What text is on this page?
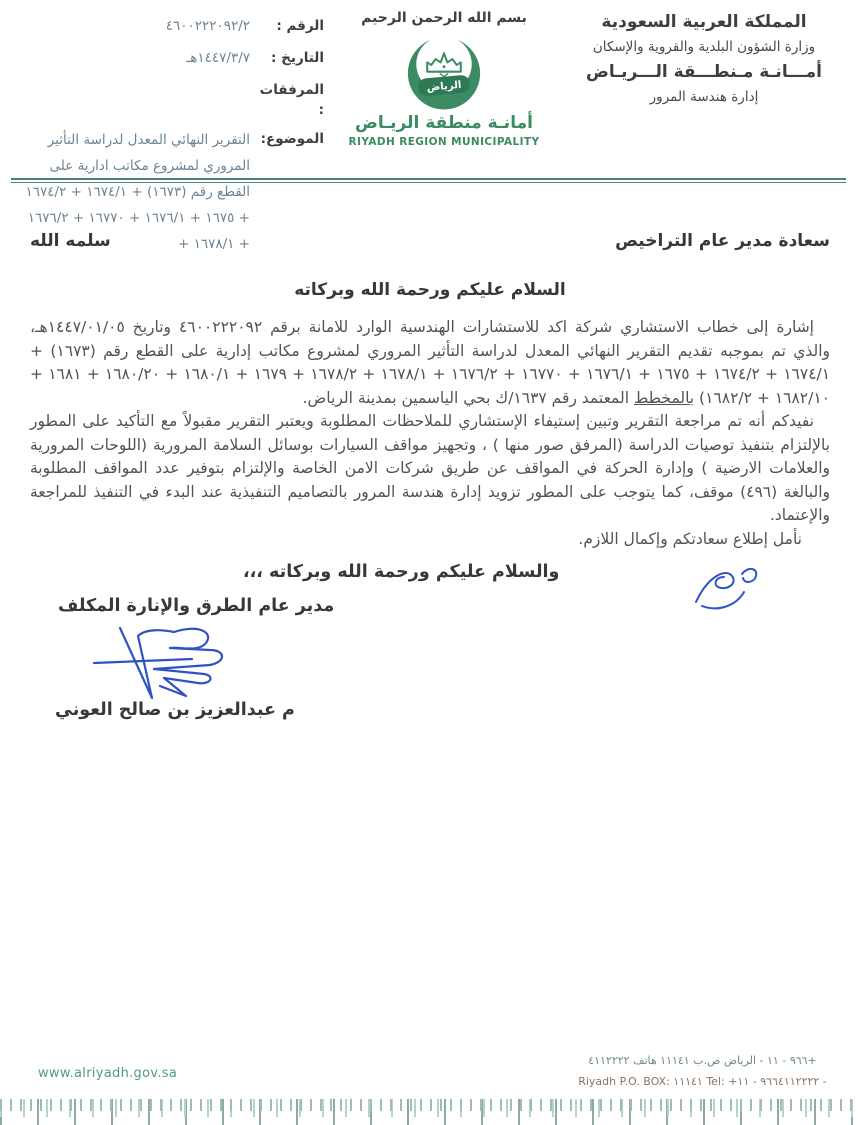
المملكة العربية السعودية
وزارة الشؤون البلدية والقروية والإسكان
أمـــانـة مـنطـــقة الـــريـاض
إدارة هندسة المرور
بسم الله الرحمن الرحيم
الرياض
أمانـة منطقة الريـاض
RIYADH REGION MUNICIPALITY
الرقم :
٤٦٠٠٢٢٢٠٩٢/٢
التاريخ :
١٤٤٧/٣/٧هـ
المرفقات :
الموضوع:
التقرير النهائي المعدل لدراسة التأثير المروري لمشروع مكاتب ادارية على القطع رقم (١٦٧٣) + ١٦٧٤/١ + ١٦٧٤/٢ + ١٦٧٥ + ١٦٧٦/١ + ١٦٧٧٠ + ١٦٧٦/٢ + ١٦٧٨/١ +	سعادة مدير عام التراخيص
سلمه الله
السلام عليكم ورحمة الله وبركاته

إشارة إلى خطاب الاستشاري شركة اكد للاستشارات الهندسية الوارد للامانة برقم ٤٦٠٠٢٢٢٠٩٢ وتاريخ ١٤٤٧/٠١/٠٥هـ، والذي تم بموجبه تقديم التقرير النهائي المعدل لدراسة التأثير المروري لمشروع مكاتب إدارية على القطع رقم (١٦٧٣) + ١٦٧٤/١ + ١٦٧٤/٢ + ١٦٧٥ + ١٦٧٦/١ + ١٦٧٧٠ + ١٦٧٦/٢ + ١٦٧٨/١ + ١٦٧٨/٢ + ١٦٧٩ + ١٦٨٠/١ + ١٦٨٠/٢٠ + ١٦٨١ + ١٦٨٢/١٠ + ١٦٨٢/٢) بالمخطط المعتمد رقم ١٦٣٧/ك بحي الياسمين بمدينة الرياض.

نفيدكم أنه تم مراجعة التقرير وتبين إستيفاء الإستشاري للملاحظات المطلوبة ويعتبر التقرير مقبولاً مع التأكيد على المطور بالإلتزام بتنفيذ توصيات الدراسة (المرفق صور منها ) ، وتجهيز مواقف السيارات بوسائل السلامة المرورية (اللوحات المرورية والعلامات الارضية ) وإدارة الحركة في المواقف عن طريق شركات الامن الخاصة والإلتزام بتوفير عدد المواقف المطلوبة والبالغة (٤٩٦) موقف، كما يتوجب على المطور تزويد إدارة هندسة المرور بالتصاميم التنفيذية عند البدء في التنفيذ للمراجعة والإعتماد.

نأمل إطلاع سعادتكم وإكمال اللازم.

والسلام عليكم ورحمة الله وبركاته ،،،
مدير عام الطرق والإنارة المكلف
م عبدالعزيز بن صالح العوني
www.alriyadh.gov.sa
+٩٦٦ - ١١ - الرياض ص.ب ١١١٤١ هاتف ٤١١٢٢٢٢
Riyadh P.O. BOX: ١١١٤١ Tel: +٩٦٦٤١١٢٢٢٢ - ١١ -
